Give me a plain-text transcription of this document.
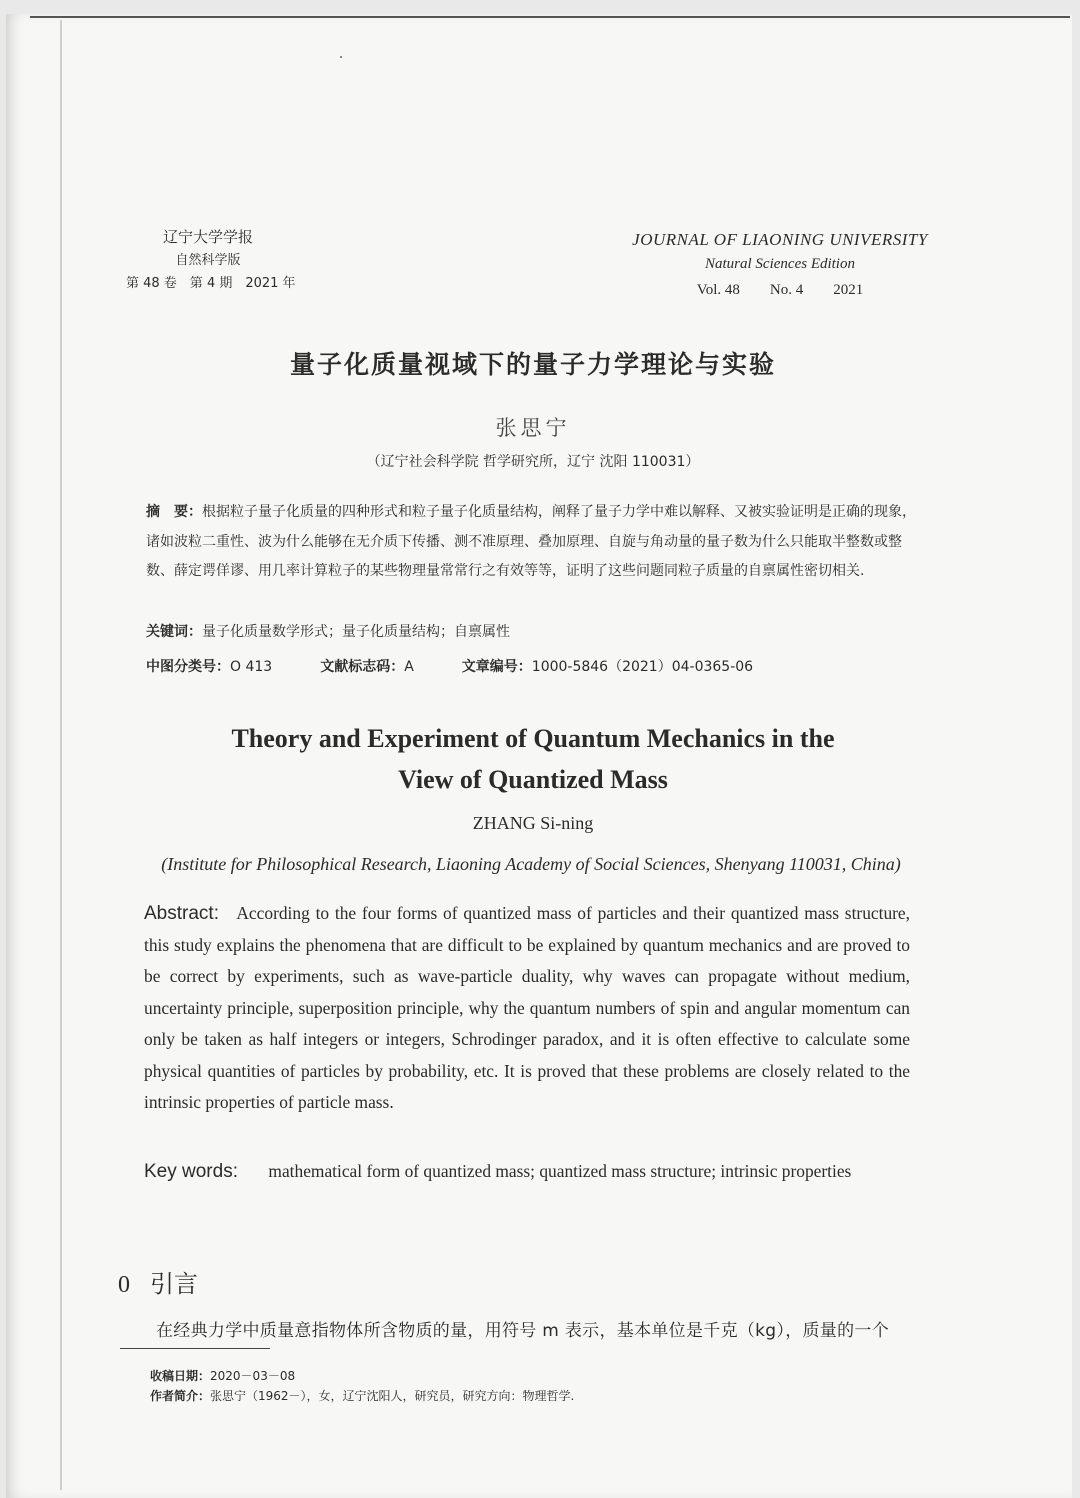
辽宁大学学报
自然科学版
第 48 卷　第 4 期　2021 年
JOURNAL OF LIAONING UNIVERSITY
Natural Sciences Edition
Vol. 48　　No. 4　　2021
量子化质量视域下的量子力学理论与实验
张思宁
（辽宁社会科学院 哲学研究所，辽宁 沈阳 110031）
摘　要：根据粒子量子化质量的四种形式和粒子量子化质量结构，阐释了量子力学中难以解释、又被实验证明是正确的现象，诸如波粒二重性、波为什么能够在无介质下传播、测不准原理、叠加原理、自旋与角动量的量子数为什么只能取半整数或整数、薛定谔佯谬、用几率计算粒子的某些物理量常常行之有效等等，证明了这些问题同粒子质量的自禀属性密切相关.
关键词：量子化质量数学形式；量子化质量结构；自禀属性
中图分类号：O 413	文献标志码：A	文章编号：1000-5846（2021）04-0365-06
Theory and Experiment of Quantum Mechanics in the
View of Quantized Mass
ZHANG Si-ning
(Institute for Philosophical Research, Liaoning Academy of Social Sciences, Shenyang 110031, China)
Abstract: According to the four forms of quantized mass of particles and their quantized mass structure, this study explains the phenomena that are difficult to be explained by quantum mechanics and are proved to be correct by experiments, such as wave-particle duality, why waves can propagate without medium, uncertainty principle, superposition principle, why the quantum numbers of spin and angular momentum can only be taken as half integers or integers, Schrodinger paradox, and it is often effective to calculate some physical quantities of particles by probability, etc. It is proved that these problems are closely related to the intrinsic properties of particle mass.
Key words: mathematical form of quantized mass; quantized mass structure; intrinsic properties
0 引言
在经典力学中质量意指物体所含物质的量，用符号 m 表示，基本单位是千克（kg），质量的一个
收稿日期：2020－03－08
作者简介：张思宁（1962－），女，辽宁沈阳人，研究员，研究方向：物理哲学.
